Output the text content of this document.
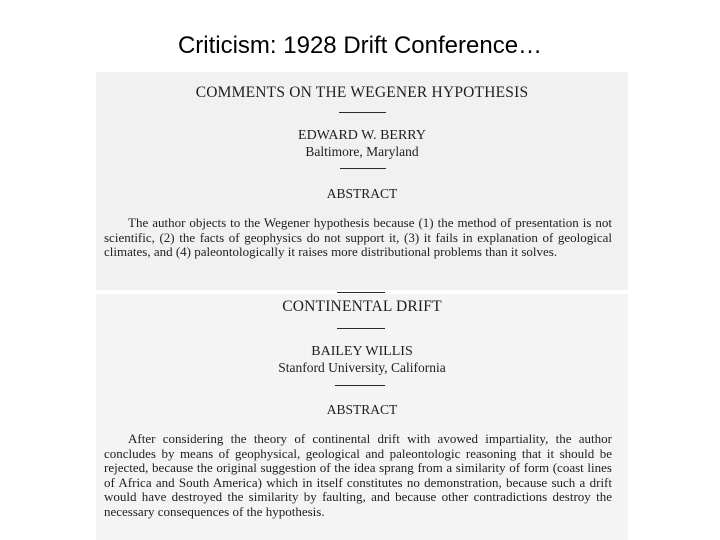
Criticism: 1928 Drift Conference…
COMMENTS ON THE WEGENER HYPOTHESIS
EDWARD W. BERRY
Baltimore, Maryland
ABSTRACT

The author objects to the Wegener hypothesis because (1) the method of presentation is not scientific, (2) the facts of geophysics do not support it, (3) it fails in explanation of geological climates, and (4) paleontologically it raises more distributional problems than it solves.

CONTINENTAL DRIFT
BAILEY WILLIS
Stanford University, California
ABSTRACT

After considering the theory of continental drift with avowed impartiality, the author concludes by means of geophysical, geological and paleontologic reasoning that it should be rejected, because the original suggestion of the idea sprang from a similarity of form (coast lines of Africa and South America) which in itself constitutes no demonstration, because such a drift would have destroyed the similarity by faulting, and because other contradictions destroy the necessary consequences of the hypothesis.
